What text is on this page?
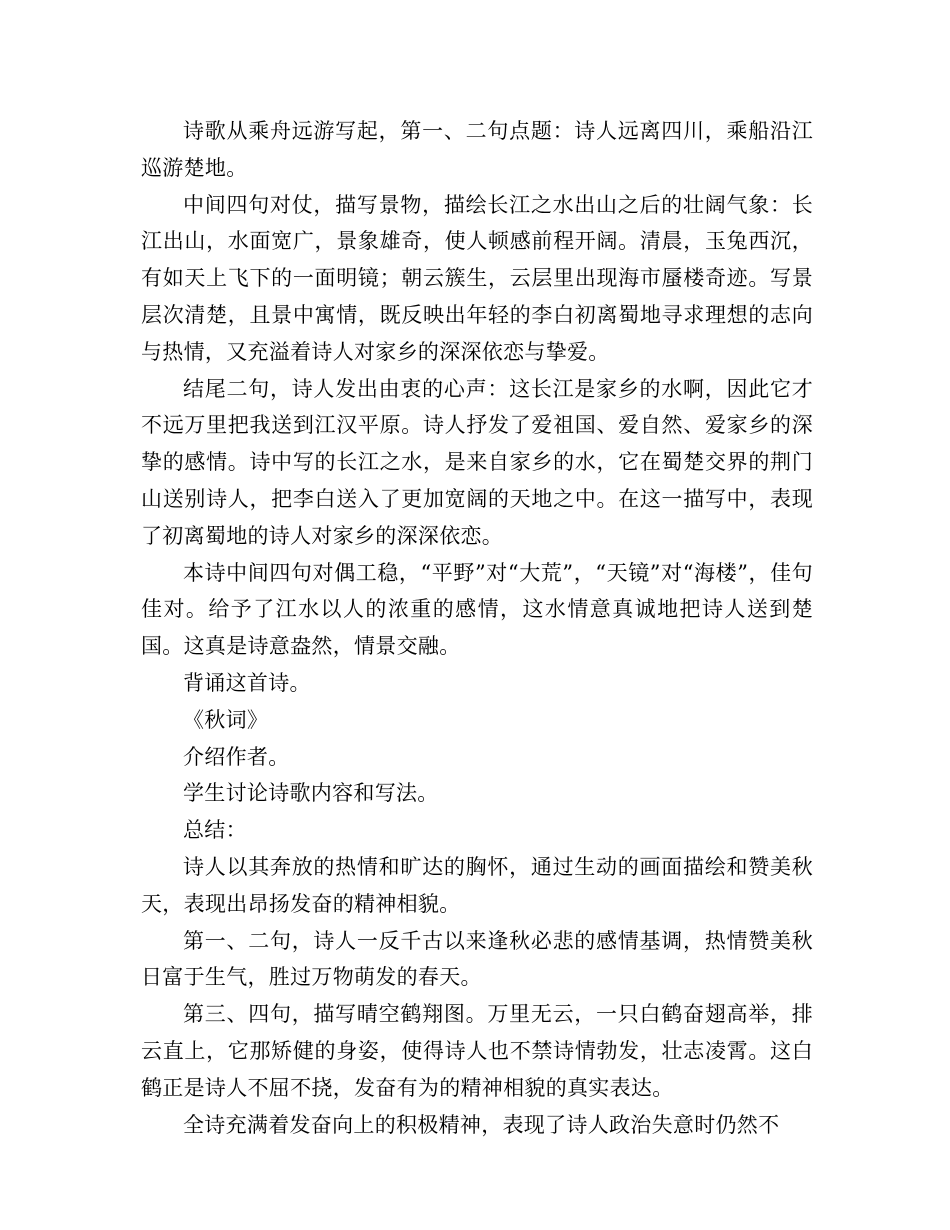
诗歌从乘舟远游写起，第一、二句点题：诗人远离四川，乘船沿江巡游楚地。

中间四句对仗，描写景物，描绘长江之水出山之后的壮阔气象：长江出山，水面宽广，景象雄奇，使人顿感前程开阔。清晨，玉兔西沉，有如天上飞下的一面明镜；朝云簇生，云层里出现海市蜃楼奇迹。写景层次清楚，且景中寓情，既反映出年轻的李白初离蜀地寻求理想的志向与热情，又充溢着诗人对家乡的深深依恋与挚爱。

结尾二句，诗人发出由衷的心声：这长江是家乡的水啊，因此它才不远万里把我送到江汉平原。诗人抒发了爱祖国、爱自然、爱家乡的深挚的感情。诗中写的长江之水，是来自家乡的水，它在蜀楚交界的荆门山送别诗人，把李白送入了更加宽阔的天地之中。在这一描写中，表现了初离蜀地的诗人对家乡的深深依恋。

本诗中间四句对偶工稳，“平野”对“大荒”，“天镜”对“海楼”，佳句佳对。给予了江水以人的浓重的感情，这水情意真诚地把诗人送到楚国。这真是诗意盎然，情景交融。

背诵这首诗。

《秋词》

介绍作者。

学生讨论诗歌内容和写法。

总结：

诗人以其奔放的热情和旷达的胸怀，通过生动的画面描绘和赞美秋天，表现出昂扬发奋的精神相貌。

第一、二句，诗人一反千古以来逢秋必悲的感情基调，热情赞美秋日富于生气，胜过万物萌发的春天。

第三、四句，描写晴空鹤翔图。万里无云，一只白鹤奋翅高举，排云直上，它那矫健的身姿，使得诗人也不禁诗情勃发，壮志凌霄。这白鹤正是诗人不屈不挠，发奋有为的精神相貌的真实表达。

全诗充满着发奋向上的积极精神，表现了诗人政治失意时仍然不
